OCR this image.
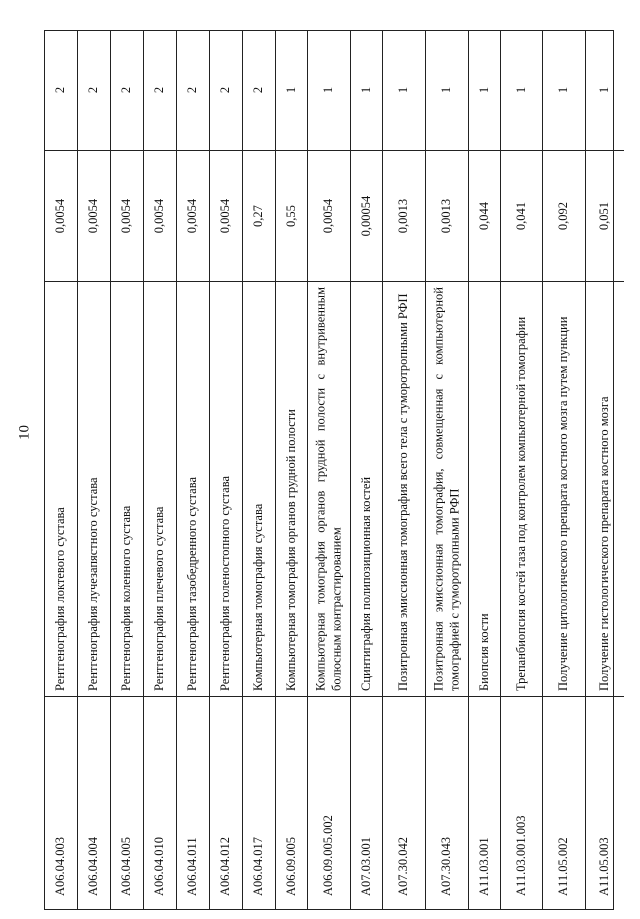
10
2
0,0054
Рентгенография локтевого сустава
A06.04.003
2
0,0054
Рентгенография лучезапястного сустава
A06.04.004
2
0,0054
Рентгенография коленного сустава
A06.04.005
2
0,0054
Рентгенография плечевого сустава
A06.04.010
2
0,0054
Рентгенография тазобедренного сустава
A06.04.011
2
0,0054
Рентгенография голеностопного сустава
A06.04.012
2
0,27
Компьютерная томография сустава
A06.04.017
1
0,55
Компьютерная томография органов грудной полости
A06.09.005
1
0,0054
Компьютерная томография органов грудной полости с внутривенным болюсным контрастированием
A06.09.005.002
1
0,00054
Сцинтиграфия полипозиционная костей
A07.03.001
1
0,0013
Позитронная эмиссионная томография всего тела с туморотропными РФП
A07.30.042
1
0,0013
Позитронная эмиссионная томография, совмещенная с компьютерной томографией с туморотропными РФП
A07.30.043
1
0,044
Биопсия кости
A11.03.001
1
0,041
Трепанбиопсия костей таза под контролем компьютерной томографии
A11.03.001.003
1
0,092
Получение цитологического препарата костного мозга путем пункции
A11.05.002
1
0,051
Получение гистологического препарата костного мозга
A11.05.003
